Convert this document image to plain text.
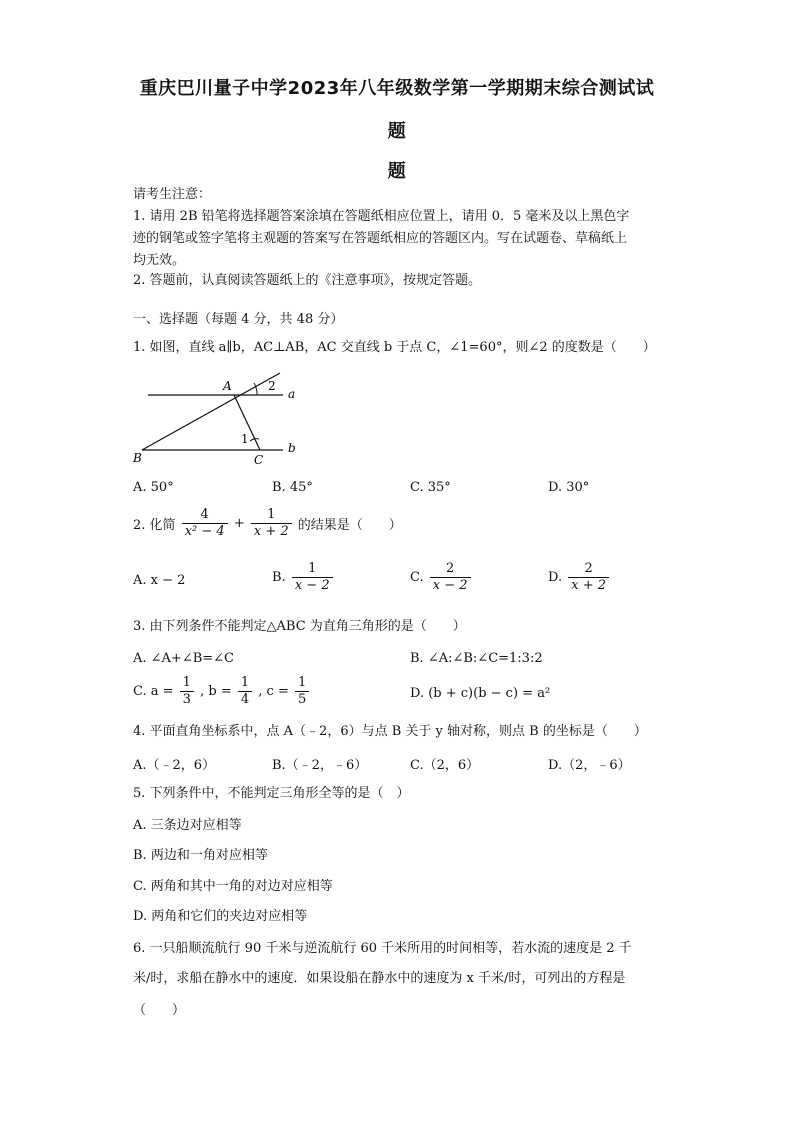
重庆巴川量子中学2023年八年级数学第一学期期末综合测试试
题
题
请考生注意：
1. 请用 2B 铅笔将选择题答案涂填在答题纸相应位置上，请用 0．5 毫米及以上黑色字
迹的钢笔或签字笔将主观题的答案写在答题纸相应的答题区内。写在试题卷、草稿纸上
均无效。
2. 答题前，认真阅读答题纸上的《注意事项》，按规定答题。
一、选择题（每题 4 分，共 48 分）
1. 如图，直线 a∥b，AC⊥AB，AC 交直线 b 于点 C，∠1=60°，则∠2 的度数是（　　）
A	2
a
1
b
B	C
A. 50°	B. 45°	C. 35°	D. 30°
2. 化简 $\frac{4}{\text{x² − 4}} + \frac{1}{x + 2}$ 的结果是（　　）
A. x − 2	B. $\frac{1}{x - 2}$	C. $\frac{2}{x - 2}$	D. $\frac{2}{x + 2}$
3. 由下列条件不能判定△ABC 为直角三角形的是（　　）
A. ∠A+∠B=∠C	B. ∠A:∠B:∠C=1:3:2
C. $a = \frac{1}{3}$ , $b = \frac{1}{4}$ , $c = \frac{1}{5}$	D. (b + c)(b − c) = a²
4. 平面直角坐标系中，点 A（﹣2，6）与点 B 关于 y 轴对称，则点 B 的坐标是（　　）
A.（﹣2，6）	B.（﹣2，﹣6）	C.（2，6）	D.（2，﹣6）
5. 下列条件中，不能判定三角形全等的是（　）
A. 三条边对应相等
B. 两边和一角对应相等
C. 两角和其中一角的对边对应相等
D. 两角和它们的夹边对应相等
6. 一只船顺流航行 90 千米与逆流航行 60 千米所用的时间相等，若水流的速度是 2 千
米/时，求船在静水中的速度．如果设船在静水中的速度为 x 千米/时，可列出的方程是
（　　）
